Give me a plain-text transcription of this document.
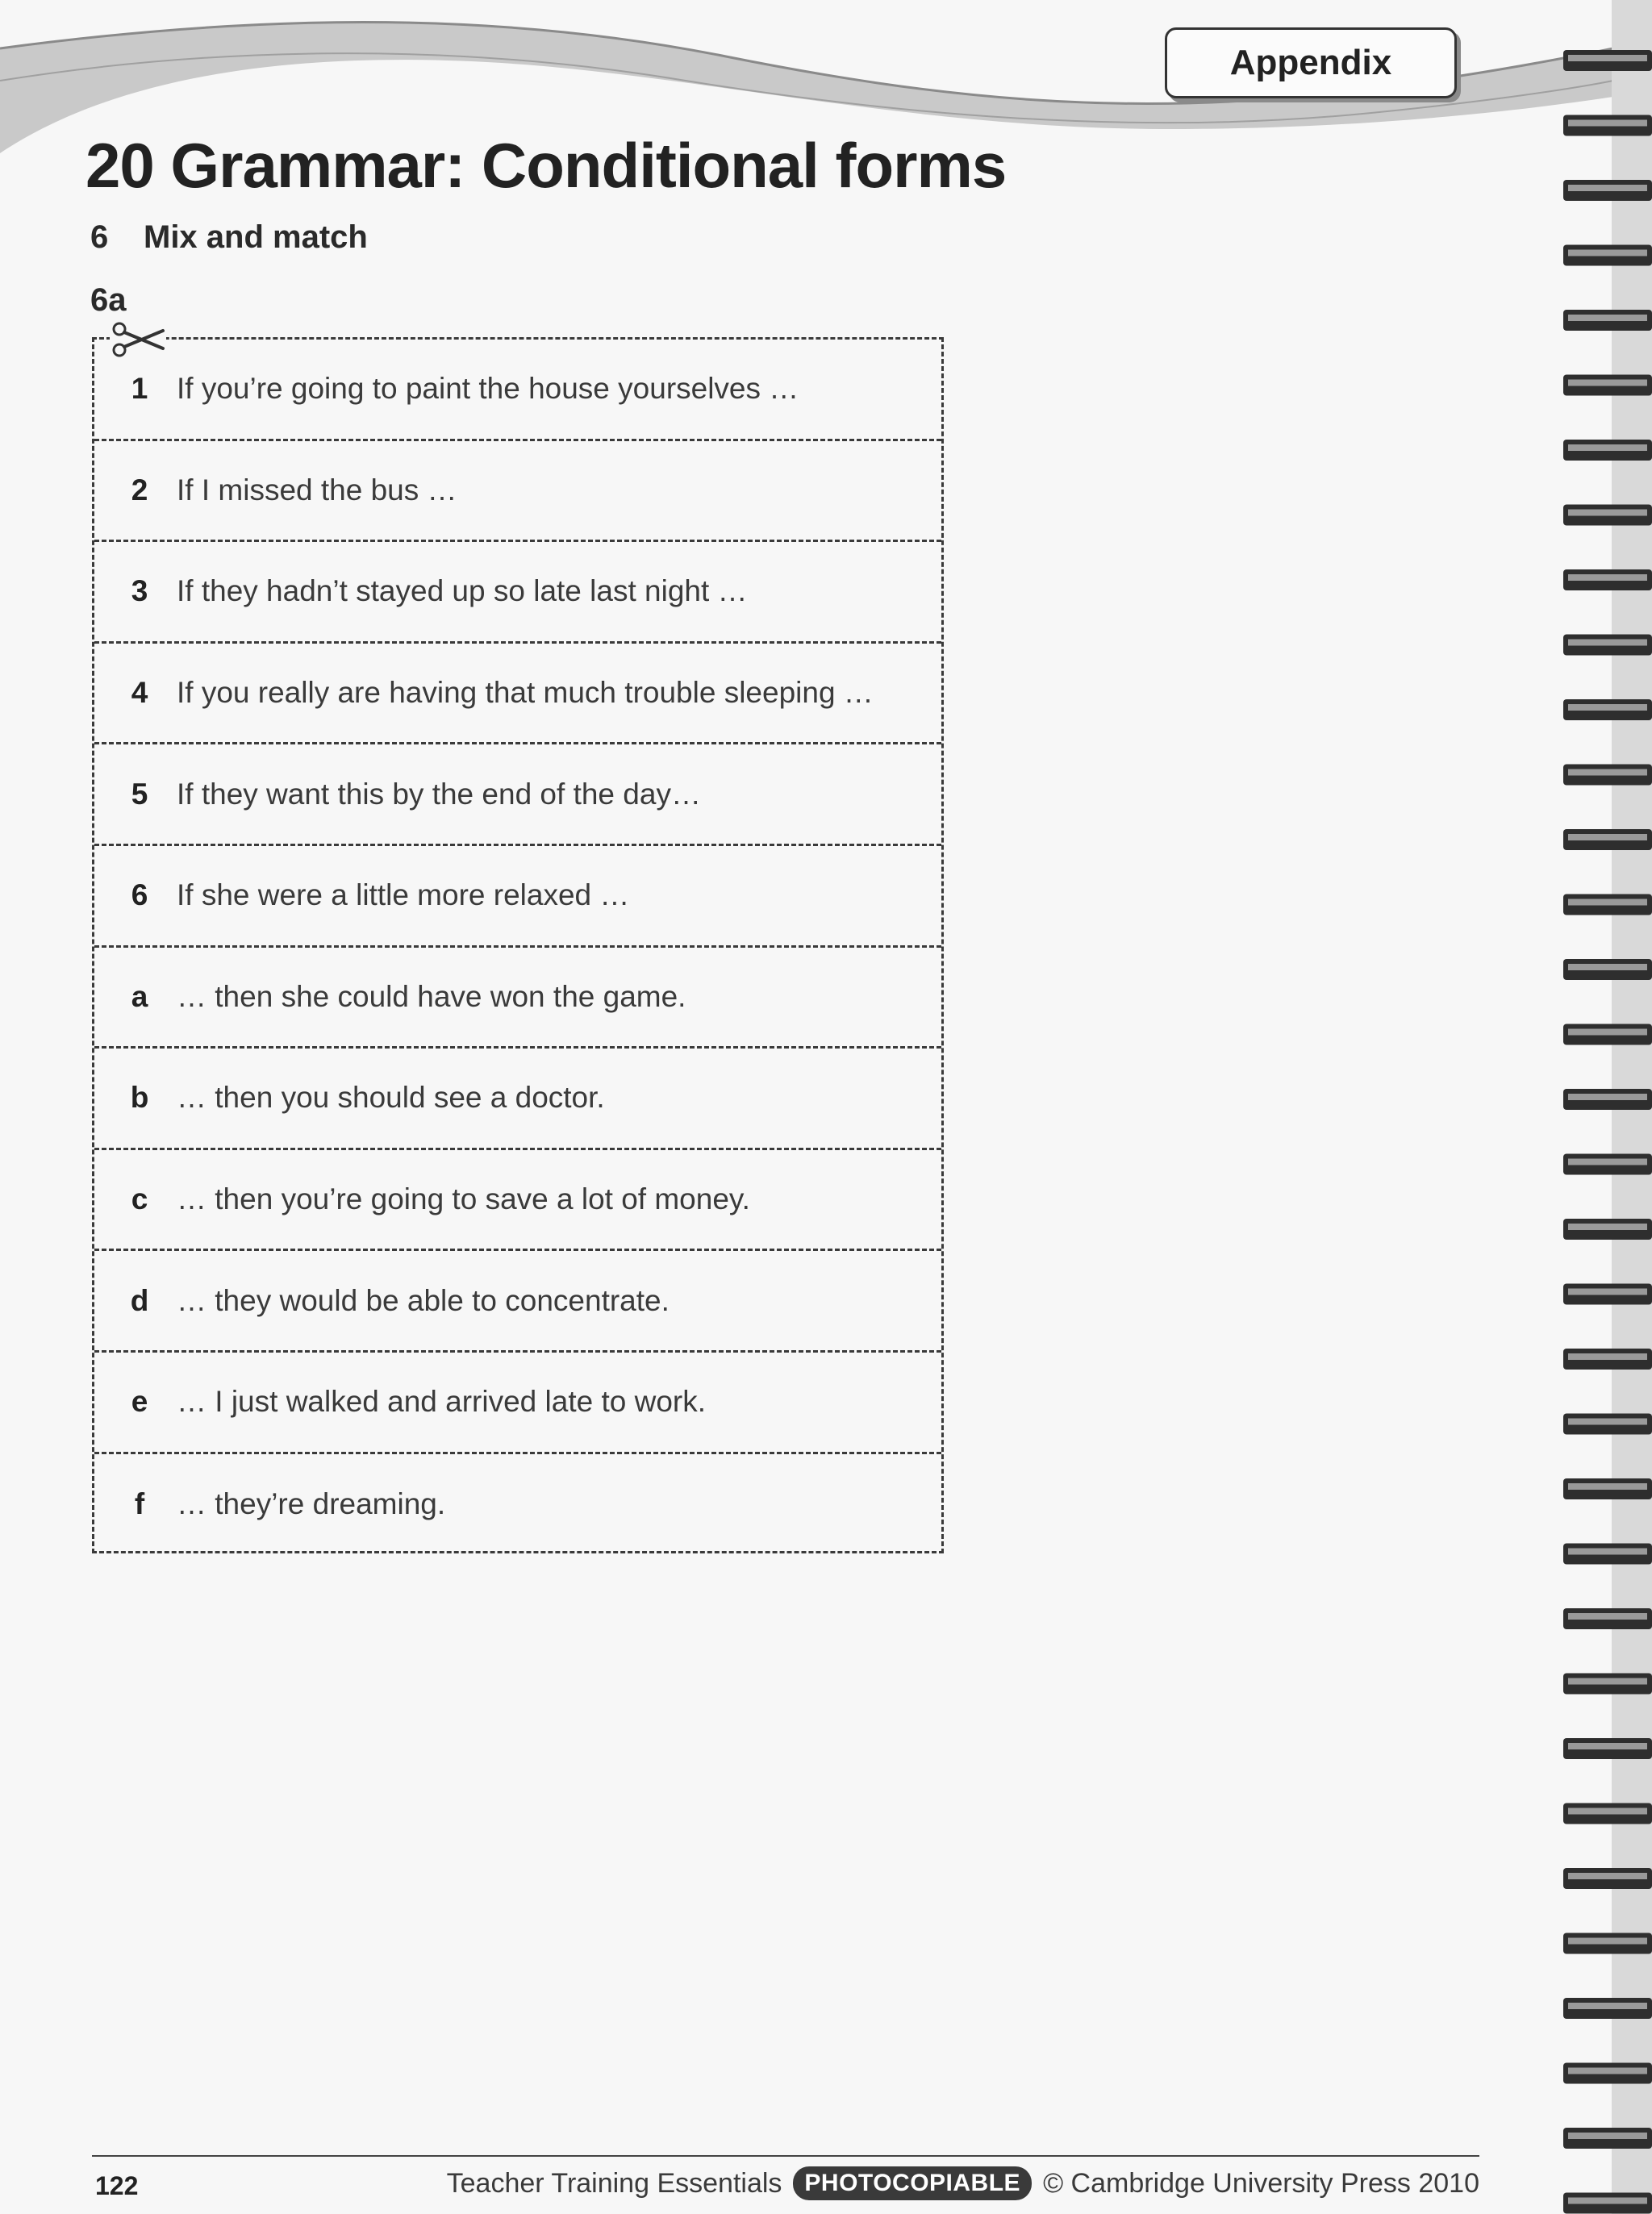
Appendix
20 Grammar: Conditional forms
6 Mix and match
6a
1 If you’re going to paint the house yourselves …
2 If I missed the bus …
3 If they hadn’t stayed up so late last night …
4 If you really are having that much trouble sleeping …
5 If they want this by the end of the day…
6 If she were a little more relaxed …
a … then she could have won the game.
b … then you should see a doctor.
c … then you’re going to save a lot of money.
d … they would be able to concentrate.
e … I just walked and arrived late to work.
f	… they’re dreaming.
122	Teacher Training Essentials PHOTOCOPIABLE © Cambridge University Press 2010
